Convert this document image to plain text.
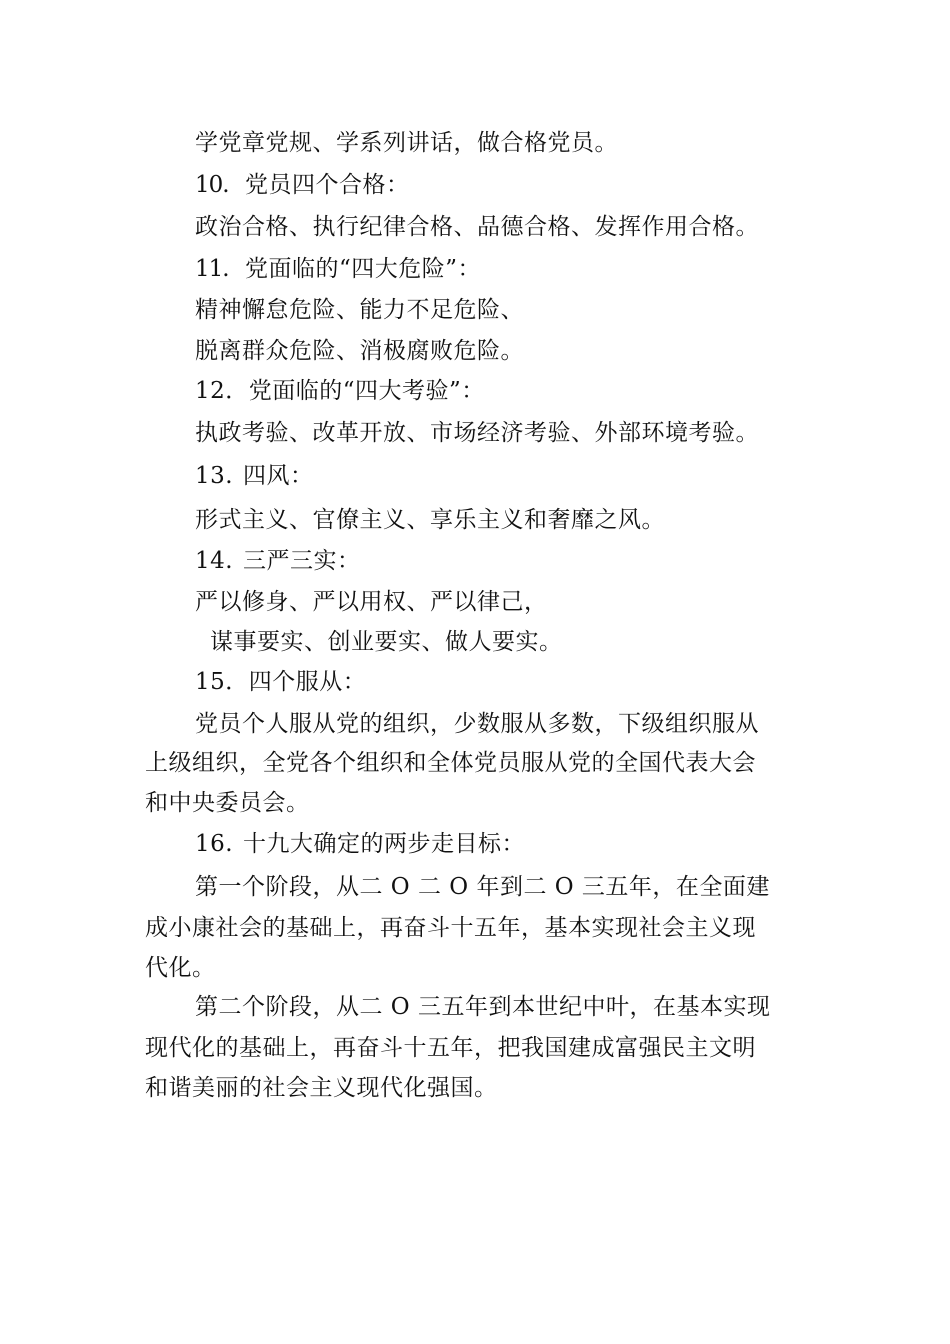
学党章党规、学系列讲话，做合格党员。
10. 党员四个合格：
政治合格、执行纪律合格、品德合格、发挥作用合格。
11. 党面临的“四大危险”：
精神懈怠危险、能力不足危险、
脱离群众危险、消极腐败危险。
12．党面临的“四大考验”：
执政考验、改革开放、市场经济考验、外部环境考验。
13. 四风：
形式主义、官僚主义、享乐主义和奢靡之风。
14. 三严三实：
严以修身、严以用权、严以律己，
谋事要实、创业要实、做人要实。
15．四个服从：
党员个人服从党的组织，少数服从多数，下级组织服从
上级组织，全党各个组织和全体党员服从党的全国代表大会
和中央委员会。
16. 十九大确定的两步走目标：
第一个阶段，从二 O 二 O 年到二 O 三五年，在全面建
成小康社会的基础上，再奋斗十五年，基本实现社会主义现
代化。
第二个阶段，从二 O 三五年到本世纪中叶，在基本实现
现代化的基础上，再奋斗十五年，把我国建成富强民主文明
和谐美丽的社会主义现代化强国。
